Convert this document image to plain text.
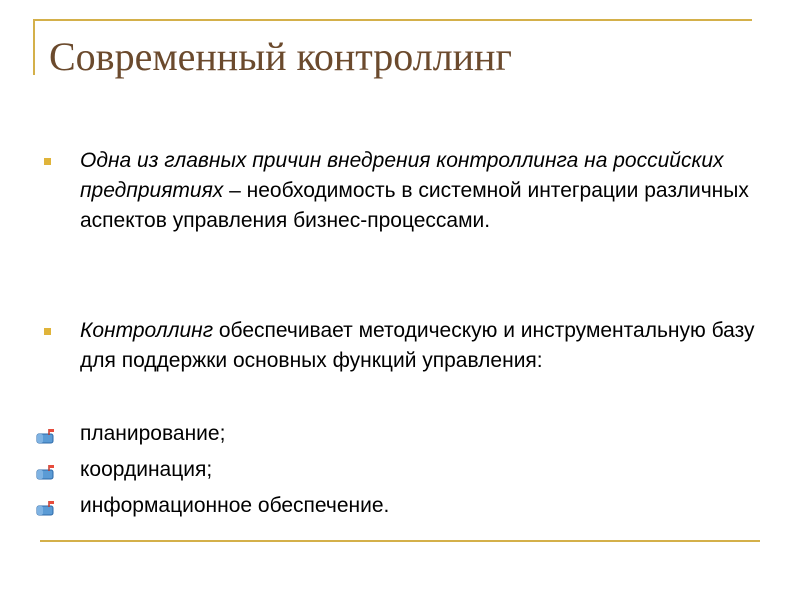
Современный контроллинг
Одна из главных причин внедрения контроллинга на российских предприятиях – необходимость в системной интеграции различных аспектов управления бизнес-процессами.
Контроллинг обеспечивает методическую и инструментальную базу для поддержки основных функций управления:
планирование;
координация;
информационное обеспечение.
